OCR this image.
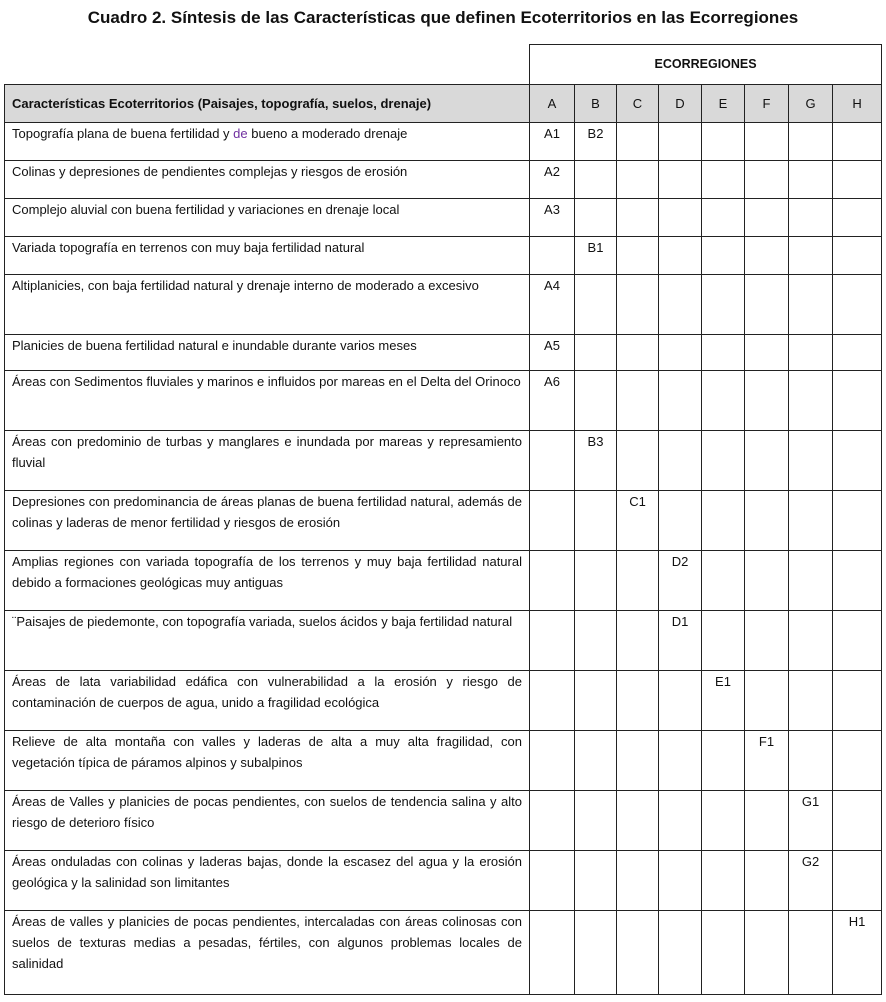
Cuadro 2. Síntesis de las Características que definen Ecoterritorios en las Ecorregiones
	ECORREGIONES							
Características Ecoterritorios (Paisajes, topografía, suelos, drenaje)	A	B	C	D	E	F	G	H
Topografía plana de buena fertilidad y de bueno a moderado drenaje	A1	B2						
Colinas y depresiones de pendientes complejas y riesgos de erosión	A2							
Complejo aluvial con buena fertilidad y variaciones en drenaje local	A3							
Variada topografía en terrenos con muy baja fertilidad natural		B1						
Altiplanicies, con baja fertilidad natural y drenaje interno de moderado a excesivo	A4							
Planicies de buena fertilidad natural e inundable durante varios meses	A5							
Áreas con Sedimentos fluviales y marinos e influidos por mareas en el Delta del Orinoco	A6							
Áreas con predominio de turbas y manglares e inundada por mareas y represamiento fluvial		B3						
Depresiones con predominancia de áreas planas de buena fertilidad natural, además de colinas y laderas de menor fertilidad y riesgos de erosión			C1					
Amplias regiones con variada topografía de los terrenos y muy baja fertilidad natural debido a formaciones geológicas muy antiguas				D2				
¨Paisajes de piedemonte, con topografía variada, suelos ácidos y baja fertilidad natural				D1				
Áreas de lata variabilidad edáfica con vulnerabilidad a la erosión y riesgo de contaminación de cuerpos de agua, unido a fragilidad ecológica					E1			
Relieve de alta montaña con valles y laderas de alta a muy alta fragilidad, con vegetación típica de páramos alpinos y subalpinos						F1		
Áreas de Valles y planicies de pocas pendientes, con suelos de tendencia salina y alto riesgo de deterioro físico							G1	
Áreas onduladas con colinas y laderas bajas, donde la escasez del agua y la erosión geológica y la salinidad son limitantes							G2	
Áreas de valles y planicies de pocas pendientes, intercaladas con áreas colinosas con suelos de texturas medias a pesadas, fértiles, con algunos problemas locales de salinidad								H1
